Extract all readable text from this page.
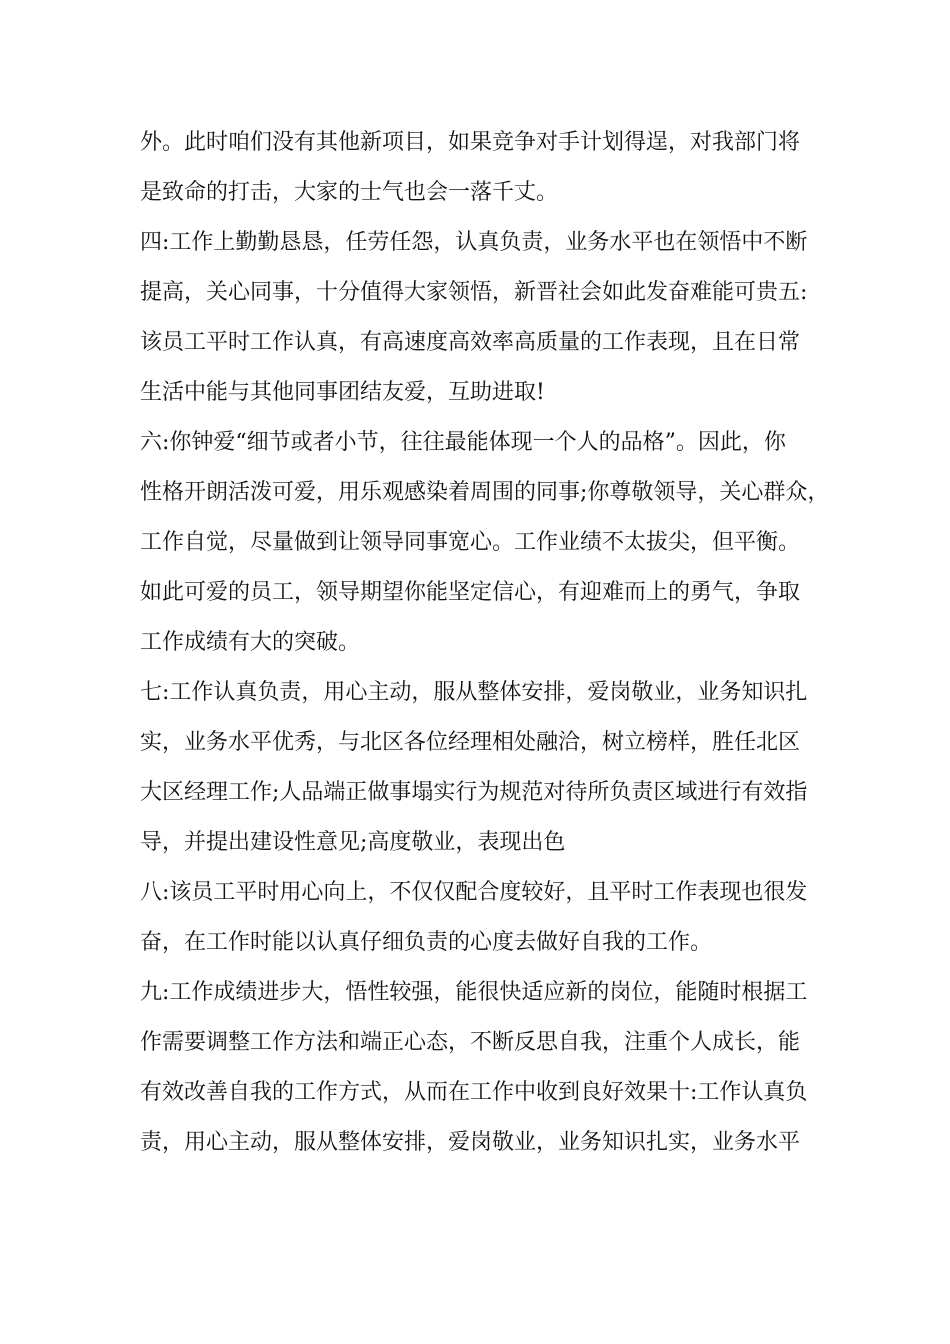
外。此时咱们没有其他新项目，如果竞争对手计划得逞，对我部门将
是致命的打击，大家的士气也会一落千丈。
四:工作上勤勤恳恳，任劳任怨，认真负责，业务水平也在领悟中不断
提高，关心同事，十分值得大家领悟，新晋社会如此发奋难能可贵五:
该员工平时工作认真，有高速度高效率高质量的工作表现，且在日常
生活中能与其他同事团结友爱，互助进取!
六:你钟爱“细节或者小节，往往最能体现一个人的品格”。因此，你
性格开朗活泼可爱，用乐观感染着周围的同事;你尊敬领导，关心群众，
工作自觉，尽量做到让领导同事宽心。工作业绩不太拔尖，但平衡。
如此可爱的员工，领导期望你能坚定信心，有迎难而上的勇气，争取
工作成绩有大的突破。
七:工作认真负责，用心主动，服从整体安排，爱岗敬业，业务知识扎
实，业务水平优秀，与北区各位经理相处融洽，树立榜样，胜任北区
大区经理工作;人品端正做事塌实行为规范对待所负责区域进行有效指
导，并提出建设性意见;高度敬业，表现出色
八:该员工平时用心向上，不仅仅配合度较好，且平时工作表现也很发
奋，在工作时能以认真仔细负责的心度去做好自我的工作。
九:工作成绩进步大，悟性较强，能很快适应新的岗位，能随时根据工
作需要调整工作方法和端正心态，不断反思自我，注重个人成长，能
有效改善自我的工作方式，从而在工作中收到良好效果十:工作认真负
责，用心主动，服从整体安排，爱岗敬业，业务知识扎实，业务水平
